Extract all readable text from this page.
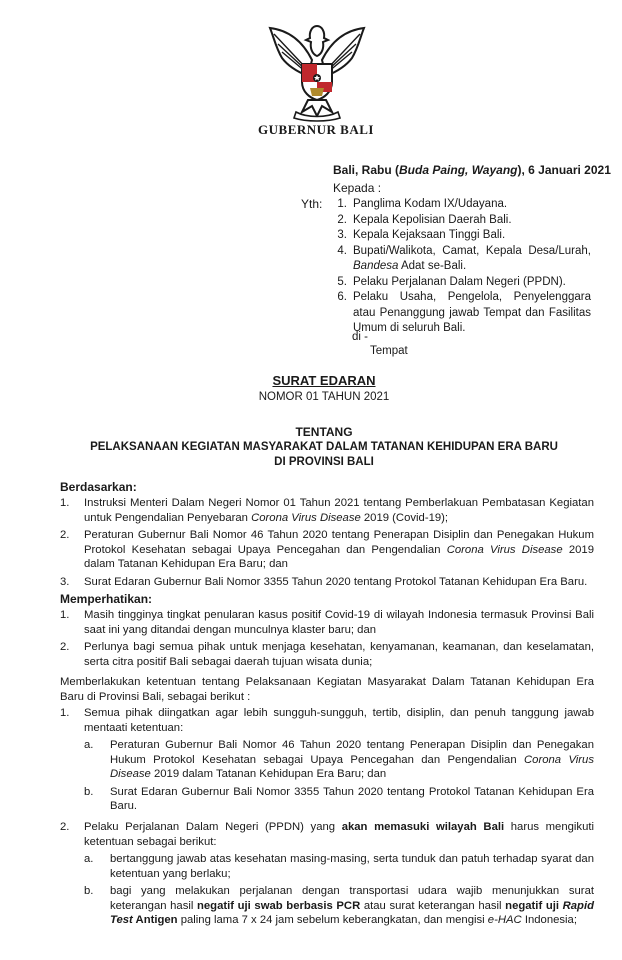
GUBERNUR BALI
Bali, Rabu (Buda Paing, Wayang), 6 Januari 2021
Kepada :
Yth:	1. Panglima Kodam IX/Udayana.
2. Kepala Kepolisian Daerah Bali.
3. Kepala Kejaksaan Tinggi Bali.
4. Bupati/Walikota, Camat, Kepala Desa/Lurah, Bandesa Adat se-Bali.
5. Pelaku Perjalanan Dalam Negeri (PPDN).
6. Pelaku Usaha, Pengelola, Penyelenggara atau Penanggung jawab Tempat dan Fasilitas Umum di seluruh Bali.
di -
Tempat
SURAT EDARAN
NOMOR 01 TAHUN 2021
TENTANG
PELAKSANAAN KEGIATAN MASYARAKAT DALAM TATANAN KEHIDUPAN ERA BARU
DI PROVINSI BALI
Berdasarkan:
1.	Instruksi Menteri Dalam Negeri Nomor 01 Tahun 2021 tentang Pemberlakuan Pembatasan Kegiatan untuk Pengendalian Penyebaran Corona Virus Disease 2019 (Covid-19);
2.	Peraturan Gubernur Bali Nomor 46 Tahun 2020 tentang Penerapan Disiplin dan Penegakan Hukum Protokol Kesehatan sebagai Upaya Pencegahan dan Pengendalian Corona Virus Disease 2019 dalam Tatanan Kehidupan Era Baru; dan
3.	Surat Edaran Gubernur Bali Nomor 3355 Tahun 2020 tentang Protokol Tatanan Kehidupan Era Baru.
Memperhatikan:
1.	Masih tingginya tingkat penularan kasus positif Covid-19 di wilayah Indonesia termasuk Provinsi Bali saat ini yang ditandai dengan munculnya klaster baru; dan
2.	Perlunya bagi semua pihak untuk menjaga kesehatan, kenyamanan, keamanan, dan keselamatan, serta citra positif Bali sebagai daerah tujuan wisata dunia;
Memberlakukan ketentuan tentang Pelaksanaan Kegiatan Masyarakat Dalam Tatanan Kehidupan Era Baru di Provinsi Bali, sebagai berikut :
1.	Semua pihak diingatkan agar lebih sungguh-sungguh, tertib, disiplin, dan penuh tanggung jawab mentaati ketentuan:
a.	Peraturan Gubernur Bali Nomor 46 Tahun 2020 tentang Penerapan Disiplin dan Penegakan Hukum Protokol Kesehatan sebagai Upaya Pencegahan dan Pengendalian Corona Virus Disease 2019 dalam Tatanan Kehidupan Era Baru; dan
b.	Surat Edaran Gubernur Bali Nomor 3355 Tahun 2020 tentang Protokol Tatanan Kehidupan Era Baru.
2.	Pelaku Perjalanan Dalam Negeri (PPDN) yang akan memasuki wilayah Bali harus mengikuti ketentuan sebagai berikut:
a.	bertanggung jawab atas kesehatan masing-masing, serta tunduk dan patuh terhadap syarat dan ketentuan yang berlaku;
b.	bagi yang melakukan perjalanan dengan transportasi udara wajib menunjukkan surat keterangan hasil negatif uji swab berbasis PCR atau surat keterangan hasil negatif uji Rapid Test Antigen paling lama 7 x 24 jam sebelum keberangkatan, dan mengisi e-HAC Indonesia;
